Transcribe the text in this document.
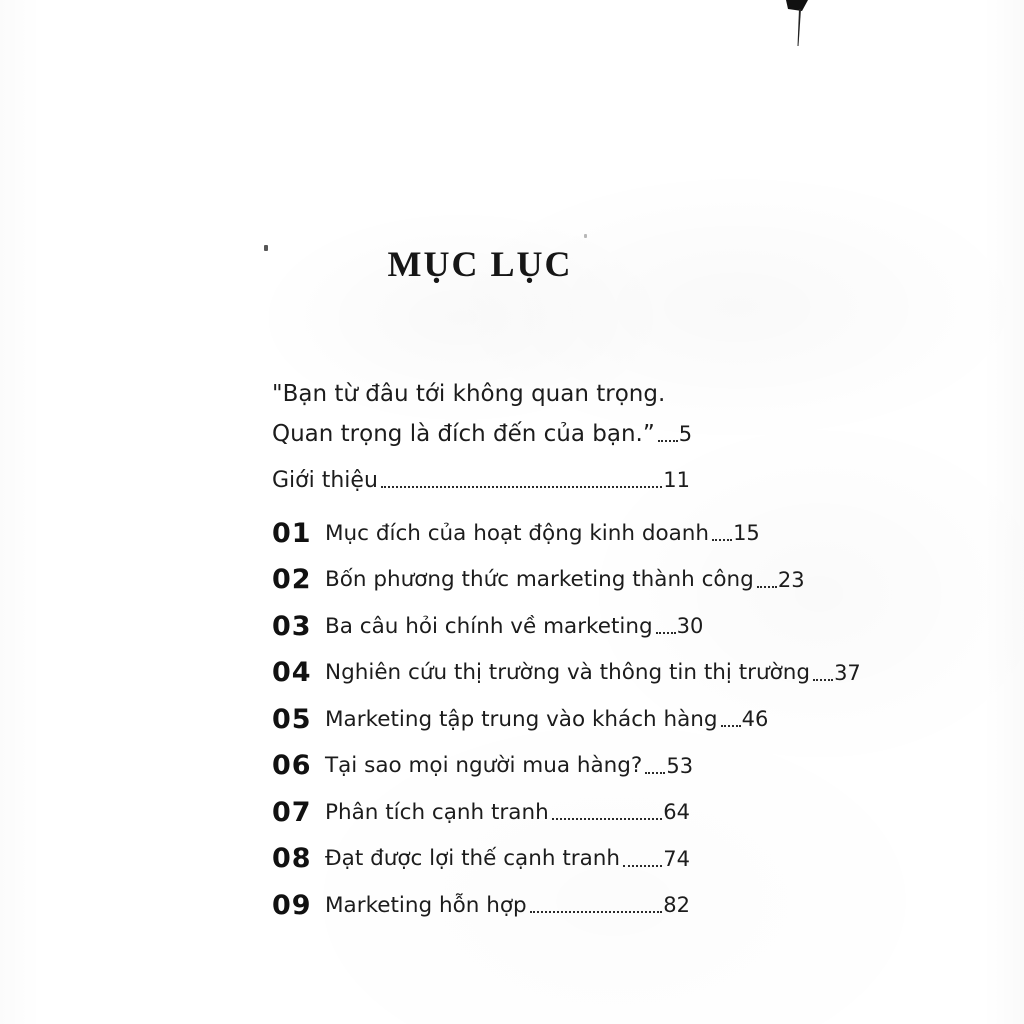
MỤC LỤC
"Bạn từ đâu tới không quan trọng.
Quan trọng là đích đến của bạn.” 5
Giới thiệu	11
01 Mục đích của hoạt động kinh doanh 15
02 Bốn phương thức marketing thành công 23
03 Ba câu hỏi chính về marketing 30
04 Nghiên cứu thị trường và thông tin thị trường 37
05 Marketing tập trung vào khách hàng 46
06 Tại sao mọi người mua hàng? 53
07 Phân tích cạnh tranh	64
08 Đạt được lợi thế cạnh tranh 74
09 Marketing hỗn hợp	82
